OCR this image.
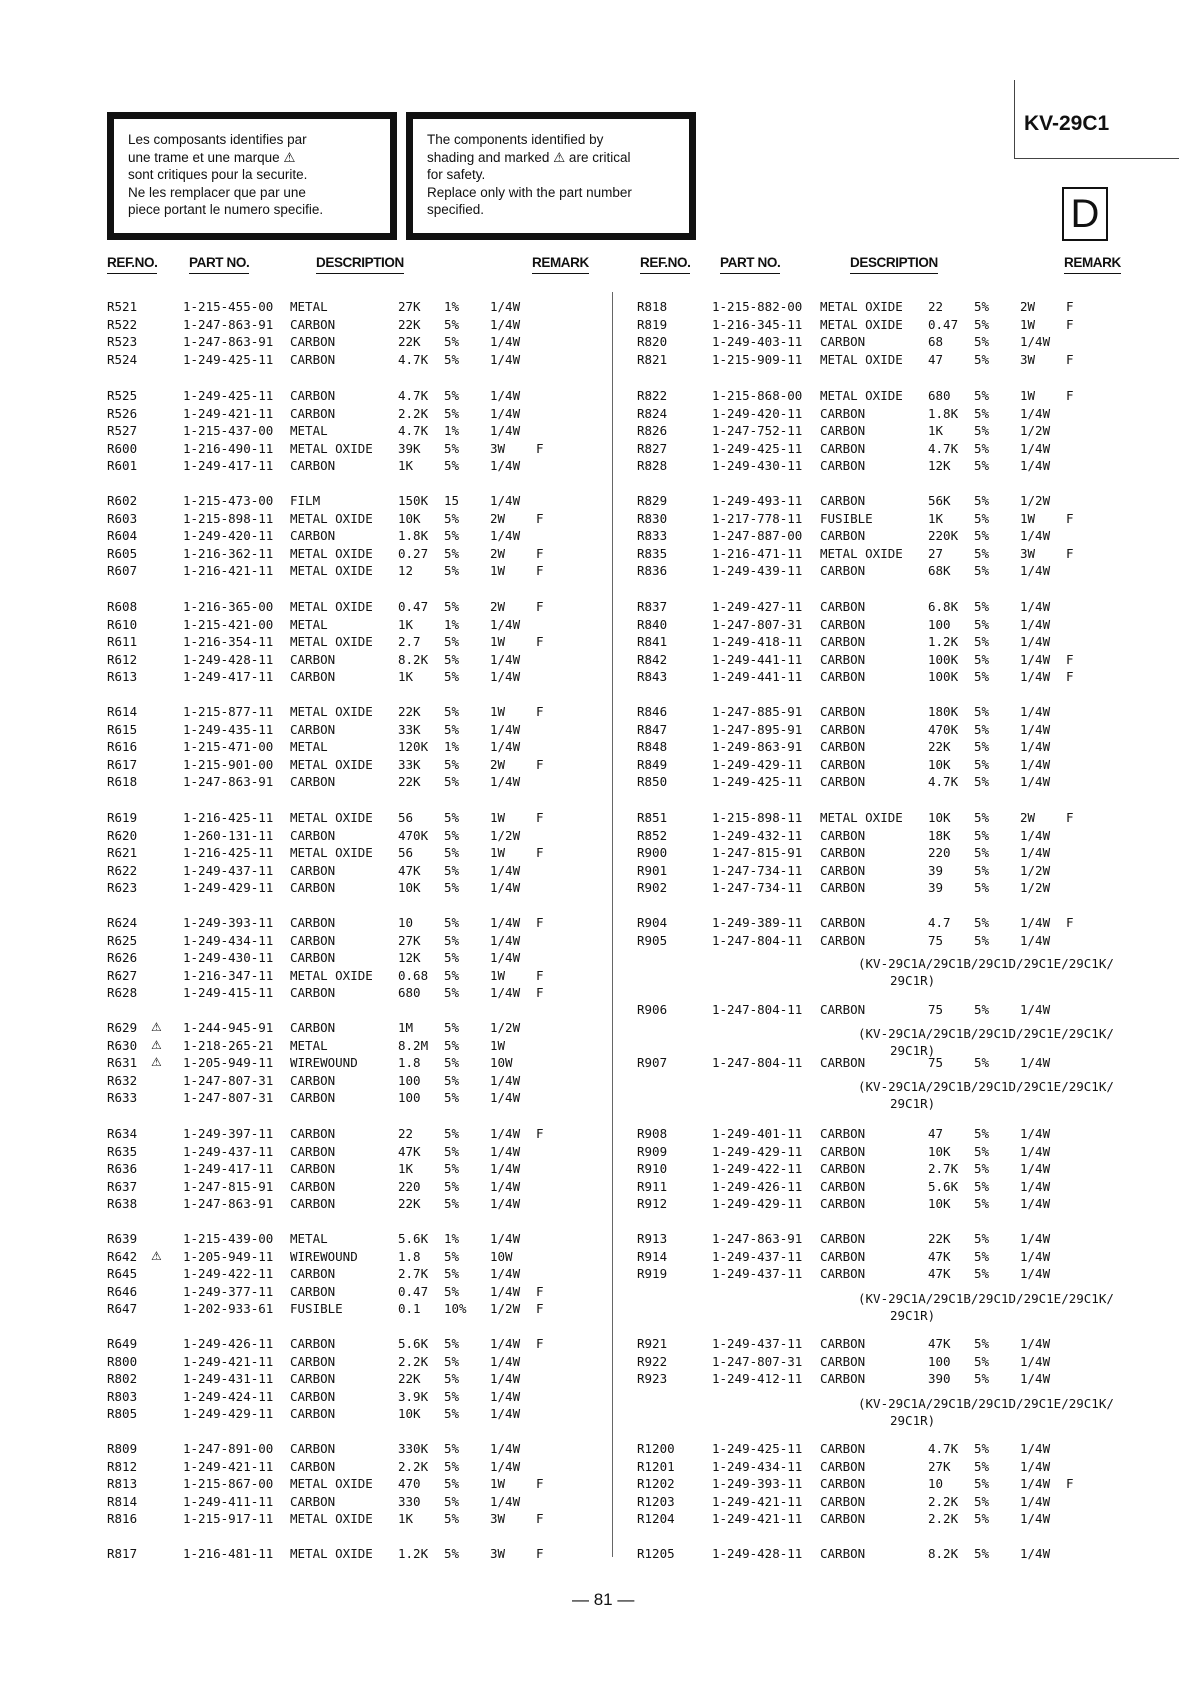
Les composants identifies par
une trame et une marque ⚠
sont critiques pour la securite.
Ne les remplacer que par une
piece portant le numero specifie.
The components identified by
shading and marked ⚠ are critical
for safety.
Replace only with the part number
specified.
KV-29C1
D
REF.NO. PART NO.	DESCRIPTION	REMARK	REF.NO. PART NO.	DESCRIPTION	REMARK
R521	1-215-455-00 METAL	27K 1% 1/4W
R522	1-247-863-91 CARBON	22K 5% 1/4W
R523	1-247-863-91 CARBON	22K 5% 1/4W
R524	1-249-425-11 CARBON	4.7K 5% 1/4W
R525	1-249-425-11 CARBON	4.7K 5% 1/4W
R526	1-249-421-11 CARBON	2.2K 5% 1/4W
R527	1-215-437-00 METAL	4.7K 1% 1/4W
R600	1-216-490-11 METAL OXIDE 39K 5% 3W F
R601	1-249-417-11 CARBON	1K 5% 1/4W
R602	1-215-473-00 FILM	150K 15 1/4W
R603	1-215-898-11 METAL OXIDE 10K 5% 2W F
R604	1-249-420-11 CARBON	1.8K 5% 1/4W
R605	1-216-362-11 METAL OXIDE 0.27 5% 2W F
R607	1-216-421-11 METAL OXIDE 12 5% 1W F
R608	1-216-365-00 METAL OXIDE 0.47 5% 2W F
R610	1-215-421-00 METAL	1K 1% 1/4W
R611	1-216-354-11 METAL OXIDE 2.7 5% 1W F
R612	1-249-428-11 CARBON	8.2K 5% 1/4W
R613	1-249-417-11 CARBON	1K 5% 1/4W
R614	1-215-877-11 METAL OXIDE 22K 5% 1W F
R615	1-249-435-11 CARBON	33K 5% 1/4W
R616	1-215-471-00 METAL	120K 1% 1/4W
R617	1-215-901-00 METAL OXIDE 33K 5% 2W F
R618	1-247-863-91 CARBON	22K 5% 1/4W
R619	1-216-425-11 METAL OXIDE 56 5% 1W F
R620	1-260-131-11 CARBON	470K 5% 1/2W
R621	1-216-425-11 METAL OXIDE 56 5% 1W F
R622	1-249-437-11 CARBON	47K 5% 1/4W
R623	1-249-429-11 CARBON	10K 5% 1/4W
R624	1-249-393-11 CARBON	10 5% 1/4W F
R625	1-249-434-11 CARBON	27K 5% 1/4W
R626	1-249-430-11 CARBON	12K 5% 1/4W
R627	1-216-347-11 METAL OXIDE 0.68 5% 1W F
R628	1-249-415-11 CARBON	680 5% 1/4W F
R629 ⚠ 1-244-945-91 CARBON	1M 5% 1/2W
R630 ⚠ 1-218-265-21 METAL	8.2M 5% 1W
R631 ⚠ 1-205-949-11 WIREWOUND	1.8 5% 10W
R632	1-247-807-31 CARBON	100 5% 1/4W
R633	1-247-807-31 CARBON	100 5% 1/4W
R634	1-249-397-11 CARBON	22 5% 1/4W F
R635	1-249-437-11 CARBON	47K 5% 1/4W
R636	1-249-417-11 CARBON	1K 5% 1/4W
R637	1-247-815-91 CARBON	220 5% 1/4W
R638	1-247-863-91 CARBON	22K 5% 1/4W
R639	1-215-439-00 METAL	5.6K 1% 1/4W
R642 ⚠ 1-205-949-11 WIREWOUND	1.8 5% 10W
R645	1-249-422-11 CARBON	2.7K 5% 1/4W
R646	1-249-377-11 CARBON	0.47 5% 1/4W F
R647	1-202-933-61 FUSIBLE	0.1 10% 1/2W F
R649	1-249-426-11 CARBON	5.6K 5% 1/4W F
R800	1-249-421-11 CARBON	2.2K 5% 1/4W
R802	1-249-431-11 CARBON	22K 5% 1/4W
R803	1-249-424-11 CARBON	3.9K 5% 1/4W
R805	1-249-429-11 CARBON	10K 5% 1/4W
R809	1-247-891-00 CARBON	330K 5% 1/4W
R812	1-249-421-11 CARBON	2.2K 5% 1/4W
R813	1-215-867-00 METAL OXIDE 470 5% 1W F
R814	1-249-411-11 CARBON	330 5% 1/4W
R816	1-215-917-11 METAL OXIDE 1K 5% 3W F
R817	1-216-481-11 METAL OXIDE 1.2K 5% 3W F
R818	1-215-882-00 METAL OXIDE 22 5% 2W F
R819	1-216-345-11 METAL OXIDE 0.47 5% 1W F
R820	1-249-403-11 CARBON	68 5% 1/4W
R821	1-215-909-11 METAL OXIDE 47 5% 3W F
R822	1-215-868-00 METAL OXIDE 680 5% 1W F
R824	1-249-420-11 CARBON	1.8K 5% 1/4W
R826	1-247-752-11 CARBON	1K 5% 1/2W
R827	1-249-425-11 CARBON	4.7K 5% 1/4W
R828	1-249-430-11 CARBON	12K 5% 1/4W
R829	1-249-493-11 CARBON	56K 5% 1/2W
R830	1-217-778-11 FUSIBLE	1K 5% 1W F
R833	1-247-887-00 CARBON	220K 5% 1/4W
R835	1-216-471-11 METAL OXIDE 27 5% 3W F
R836	1-249-439-11 CARBON	68K 5% 1/4W
R837	1-249-427-11 CARBON	6.8K 5% 1/4W
R840	1-247-807-31 CARBON	100 5% 1/4W
R841	1-249-418-11 CARBON	1.2K 5% 1/4W
R842	1-249-441-11 CARBON	100K 5% 1/4W F
R843	1-249-441-11 CARBON	100K 5% 1/4W F
R846	1-247-885-91 CARBON	180K 5% 1/4W
R847	1-247-895-91 CARBON	470K 5% 1/4W
R848	1-249-863-91 CARBON	22K 5% 1/4W
R849	1-249-429-11 CARBON	10K 5% 1/4W
R850	1-249-425-11 CARBON	4.7K 5% 1/4W
R851	1-215-898-11 METAL OXIDE 10K 5% 2W F
R852	1-249-432-11 CARBON	18K 5% 1/4W
R900	1-247-815-91 CARBON	220 5% 1/4W
R901	1-247-734-11 CARBON	39 5% 1/2W
R902	1-247-734-11 CARBON	39 5% 1/2W
R904	1-249-389-11 CARBON	4.7 5% 1/4W F
R905	1-247-804-11 CARBON	75 5% 1/4W
R906	1-247-804-11 CARBON	75 5% 1/4W
R907	1-247-804-11 CARBON	75 5% 1/4W
R908	1-249-401-11 CARBON	47 5% 1/4W
R909	1-249-429-11 CARBON	10K 5% 1/4W
R910	1-249-422-11 CARBON	2.7K 5% 1/4W
R911	1-249-426-11 CARBON	5.6K 5% 1/4W
R912	1-249-429-11 CARBON	10K 5% 1/4W
R913	1-247-863-91 CARBON	22K 5% 1/4W
R914	1-249-437-11 CARBON	47K 5% 1/4W
R919	1-249-437-11 CARBON	47K 5% 1/4W
R921	1-249-437-11 CARBON	47K 5% 1/4W
R922	1-247-807-31 CARBON	100 5% 1/4W
R923	1-249-412-11 CARBON	390 5% 1/4W
R1200	1-249-425-11 CARBON	4.7K 5% 1/4W
R1201	1-249-434-11 CARBON	27K 5% 1/4W
R1202	1-249-393-11 CARBON	10 5% 1/4W F
R1203	1-249-421-11 CARBON	2.2K 5% 1/4W
R1204	1-249-421-11 CARBON	2.2K 5% 1/4W
R1205	1-249-428-11 CARBON	8.2K 5% 1/4W
(KV-29C1A/29C1B/29C1D/29C1E/29C1K/
29C1R)
(KV-29C1A/29C1B/29C1D/29C1E/29C1K/
29C1R)
(KV-29C1A/29C1B/29C1D/29C1E/29C1K/
29C1R)
(KV-29C1A/29C1B/29C1D/29C1E/29C1K/
29C1R)
(KV-29C1A/29C1B/29C1D/29C1E/29C1K/
29C1R)
— 81 —
